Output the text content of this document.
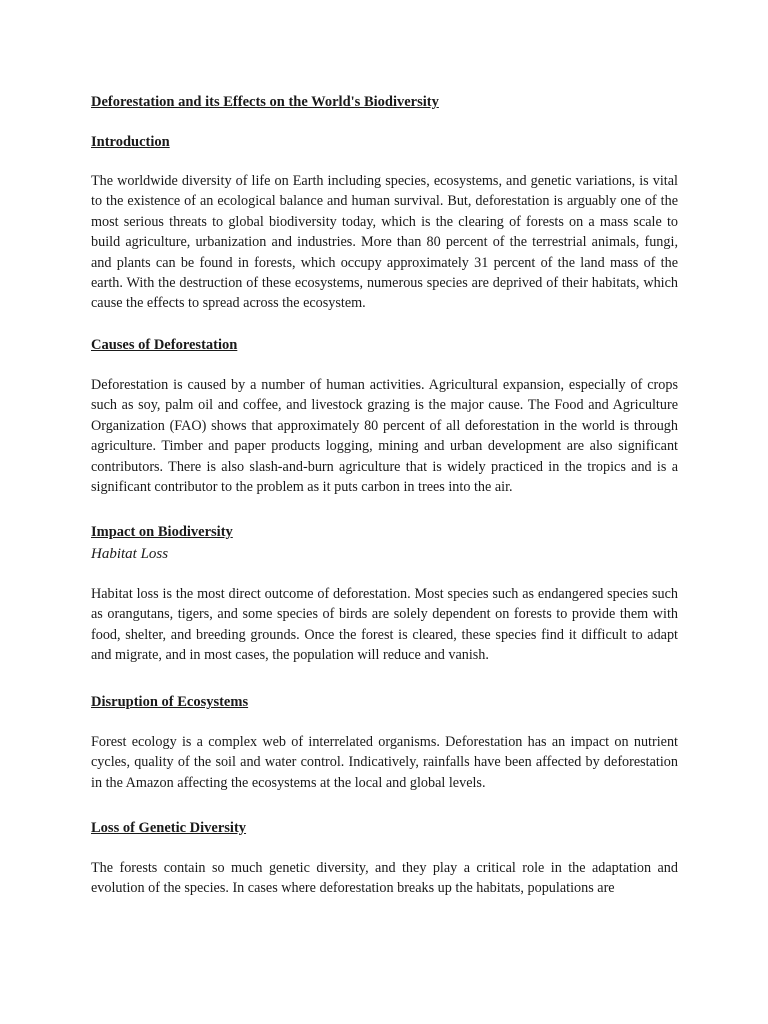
Deforestation and its Effects on the World's Biodiversity

Introduction

The worldwide diversity of life on Earth including species, ecosystems, and genetic variations, is vital to the existence of an ecological balance and human survival. But, deforestation is arguably one of the most serious threats to global biodiversity today, which is the clearing of forests on a mass scale to build agriculture, urbanization and industries. More than 80 percent of the terrestrial animals, fungi, and plants can be found in forests, which occupy approximately 31 percent of the land mass of the earth. With the destruction of these ecosystems, numerous species are deprived of their habitats, which cause the effects to spread across the ecosystem.

Causes of Deforestation

Deforestation is caused by a number of human activities. Agricultural expansion, especially of crops such as soy, palm oil and coffee, and livestock grazing is the major cause. The Food and Agriculture Organization (FAO) shows that approximately 80 percent of all deforestation in the world is through agriculture. Timber and paper products logging, mining and urban development are also significant contributors. There is also slash-and-burn agriculture that is widely practiced in the tropics and is a significant contributor to the problem as it puts carbon in trees into the air.

Impact on Biodiversity

Habitat Loss

Habitat loss is the most direct outcome of deforestation. Most species such as endangered species such as orangutans, tigers, and some species of birds are solely dependent on forests to provide them with food, shelter, and breeding grounds. Once the forest is cleared, these species find it difficult to adapt and migrate, and in most cases, the population will reduce and vanish.

Disruption of Ecosystems

Forest ecology is a complex web of interrelated organisms. Deforestation has an impact on nutrient cycles, quality of the soil and water control. Indicatively, rainfalls have been affected by deforestation in the Amazon affecting the ecosystems at the local and global levels.

Loss of Genetic Diversity

The forests contain so much genetic diversity, and they play a critical role in the adaptation and evolution of the species. In cases where deforestation breaks up the habitats, populations are
